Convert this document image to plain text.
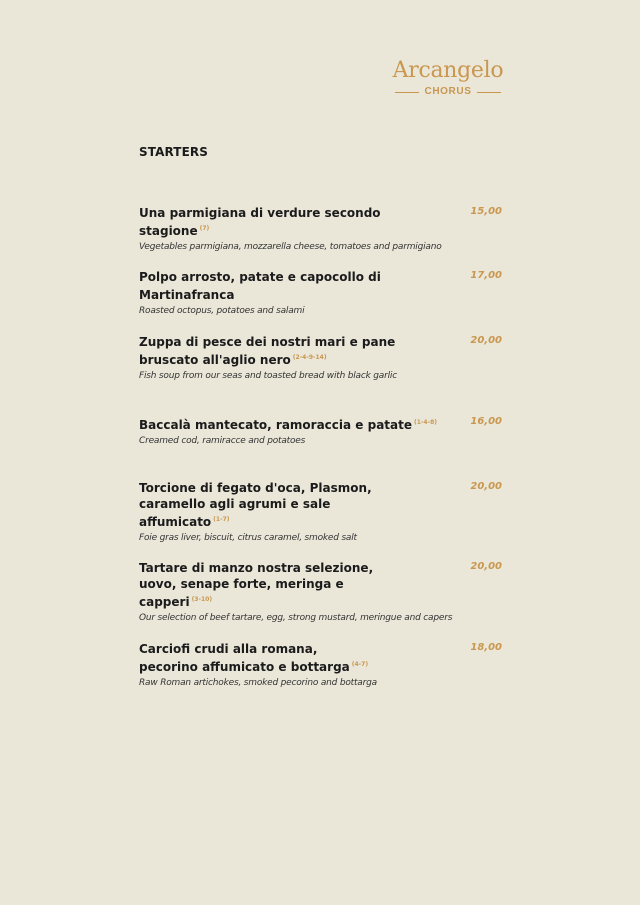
Arcangelo
CHORUS
STARTERS
Una parmigiana di verdure secondo stagione $^{(7)}$
Vegetables parmigiana, mozzarella cheese, tomatoes and parmigiano
15,00
Polpo arrosto, patate e capocollo di Martinafranca
Roasted octopus, potatoes and salami
17,00
Zuppa di pesce dei nostri mari e pane bruscato all'aglio nero $^{(2-4-9-14)}$
Fish soup from our seas and toasted bread with black garlic
20,00
Baccalà mantecato, ramoraccia e patate $^{(1-4-8)}$
Creamed cod, ramiracce and potatoes
16,00
Torcione di fegato d'oca, Plasmon, caramello agli agrumi e sale affumicato $^{(1-7)}$
Foie gras liver, biscuit, citrus caramel, smoked salt
20,00
Tartare di manzo nostra selezione, uovo, senape forte, meringa e capperi $^{(3-10)}$
Our selection of beef tartare, egg, strong mustard, meringue and capers
20,00
Carciofi crudi alla romana, pecorino affumicato e bottarga $^{(4-7)}$
Raw Roman artichokes, smoked pecorino and bottarga
18,00
